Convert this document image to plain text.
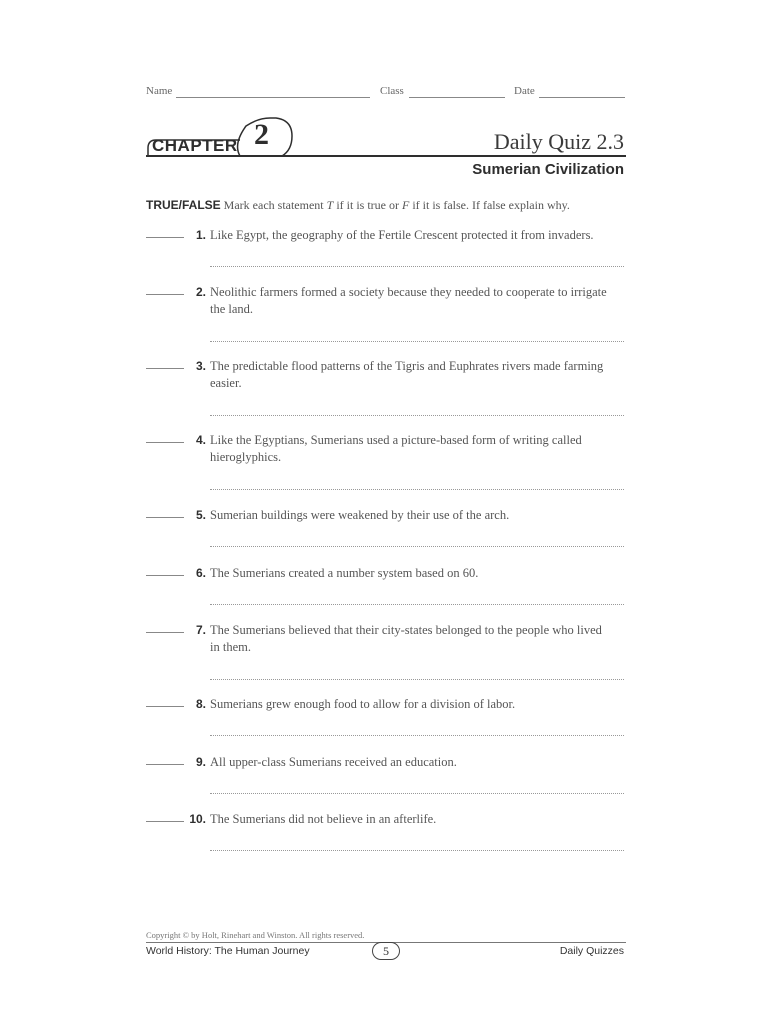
Name	Class	Date
CHAPTER 2	Daily Quiz 2.3
Sumerian Civilization
TRUE/FALSE Mark each statement T if it is true or F if it is false. If false explain why.
1. Like Egypt, the geography of the Fertile Crescent protected it from invaders.
2. Neolithic farmers formed a society because they needed to cooperate to irrigate the land.
3. The predictable flood patterns of the Tigris and Euphrates rivers made farming easier.
4. Like the Egyptians, Sumerians used a picture-based form of writing called hieroglyphics.
5. Sumerian buildings were weakened by their use of the arch.
6. The Sumerians created a number system based on 60.
7. The Sumerians believed that their city-states belonged to the people who lived in them.
8. Sumerians grew enough food to allow for a division of labor.
9. All upper-class Sumerians received an education.
10. The Sumerians did not believe in an afterlife.
Copyright © by Holt, Rinehart and Winston. All rights reserved.
World History: The Human Journey	5	Daily Quizzes
